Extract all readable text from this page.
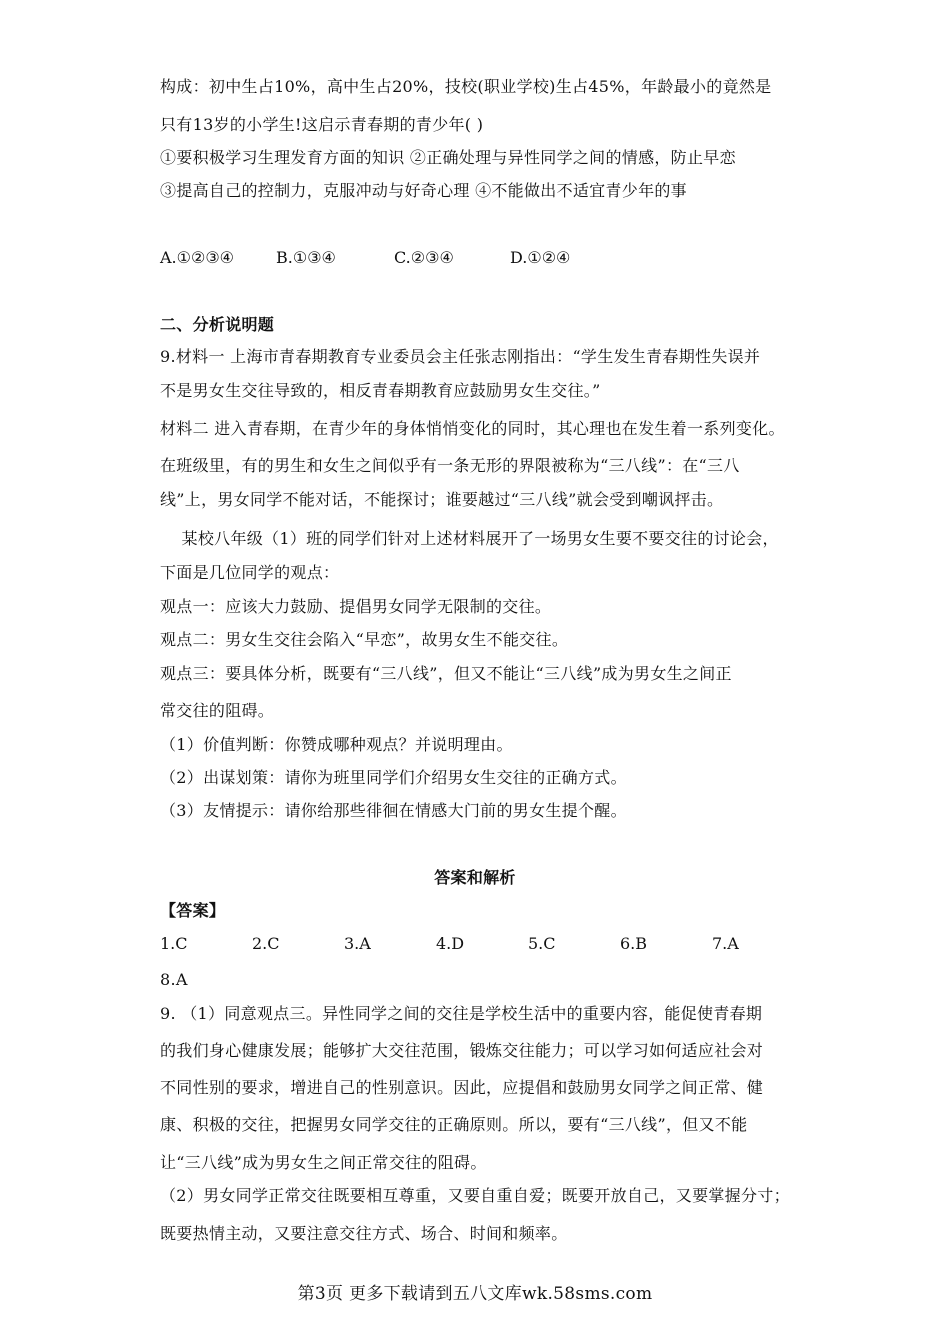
构成：初中生占10%，高中生占20%，技校(职业学校)生占45%，年龄最小的竟然是
只有13岁的小学生!这启示青春期的青少年( )
①要积极学习生理发育方面的知识 ②正确处理与异性同学之间的情感，防止早恋
③提高自己的控制力，克服冲动与好奇心理 ④不能做出不适宜青少年的事
A.①②③④	B.①③④	C.②③④	D.①②④
二、分析说明题
9.材料一 上海市青春期教育专业委员会主任张志刚指出：“学生发生青春期性失误并
不是男女生交往导致的，相反青春期教育应鼓励男女生交往。”
材料二 进入青春期，在青少年的身体悄悄变化的同时，其心理也在发生着一系列变化。
在班级里，有的男生和女生之间似乎有一条无形的界限被称为“三八线”：在“三八
线”上，男女同学不能对话，不能探讨；谁要越过“三八线”就会受到嘲讽抨击。
某校八年级（1）班的同学们针对上述材料展开了一场男女生要不要交往的讨论会，
下面是几位同学的观点：
观点一：应该大力鼓励、提倡男女同学无限制的交往。
观点二：男女生交往会陷入“早恋”，故男女生不能交往。
观点三：要具体分析，既要有“三八线”，但又不能让“三八线”成为男女生之间正
常交往的阻碍。
（1）价值判断：你赞成哪种观点？并说明理由。
（2）出谋划策：请你为班里同学们介绍男女生交往的正确方式。
（3）友情提示：请你给那些徘徊在情感大门前的男女生提个醒。
答案和解析
【答案】
1.C	2.C	3.A	4.D	5.C	6.B	7.A
8.A
9. （1）同意观点三。异性同学之间的交往是学校生活中的重要内容，能促使青春期
的我们身心健康发展；能够扩大交往范围，锻炼交往能力；可以学习如何适应社会对
不同性别的要求，增进自己的性别意识。因此，应提倡和鼓励男女同学之间正常、健
康、积极的交往，把握男女同学交往的正确原则。所以，要有“三八线”，但又不能
让“三八线”成为男女生之间正常交往的阻碍。
（2）男女同学正常交往既要相互尊重，又要自重自爱；既要开放自己，又要掌握分寸；
既要热情主动，又要注意交往方式、场合、时间和频率。
第3页 更多下载请到五八文库wk.58sms.com
